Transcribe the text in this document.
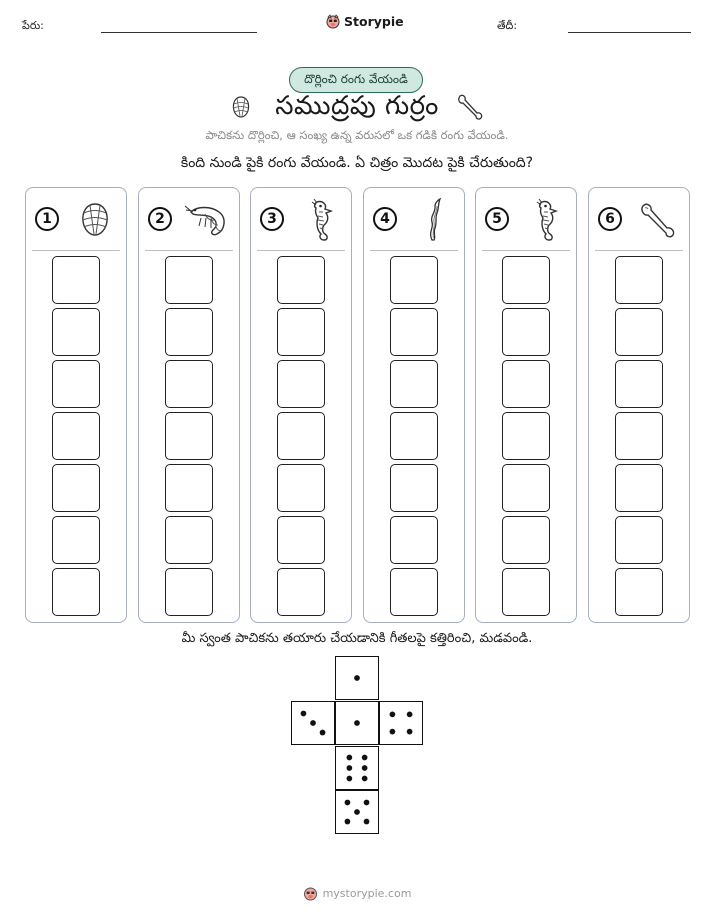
పేరు:	Storypie	తేదీ:
దొర్లించి రంగు వేయండి
సముద్రపు గుర్రం
పాచికను దొర్లించి, ఆ సంఖ్య ఉన్న వరుసలో ఒక గడికి రంగు వేయండి.
కింది నుండి పైకి రంగు వేయండి. ఏ చిత్రం మొదట పైకి చేరుతుంది?
1	2	3	4	5	6
మీ స్వంత పాచికను తయారు చేయడానికి గీతలపై కత్తిరించి, మడవండి.
mystorypie.com
